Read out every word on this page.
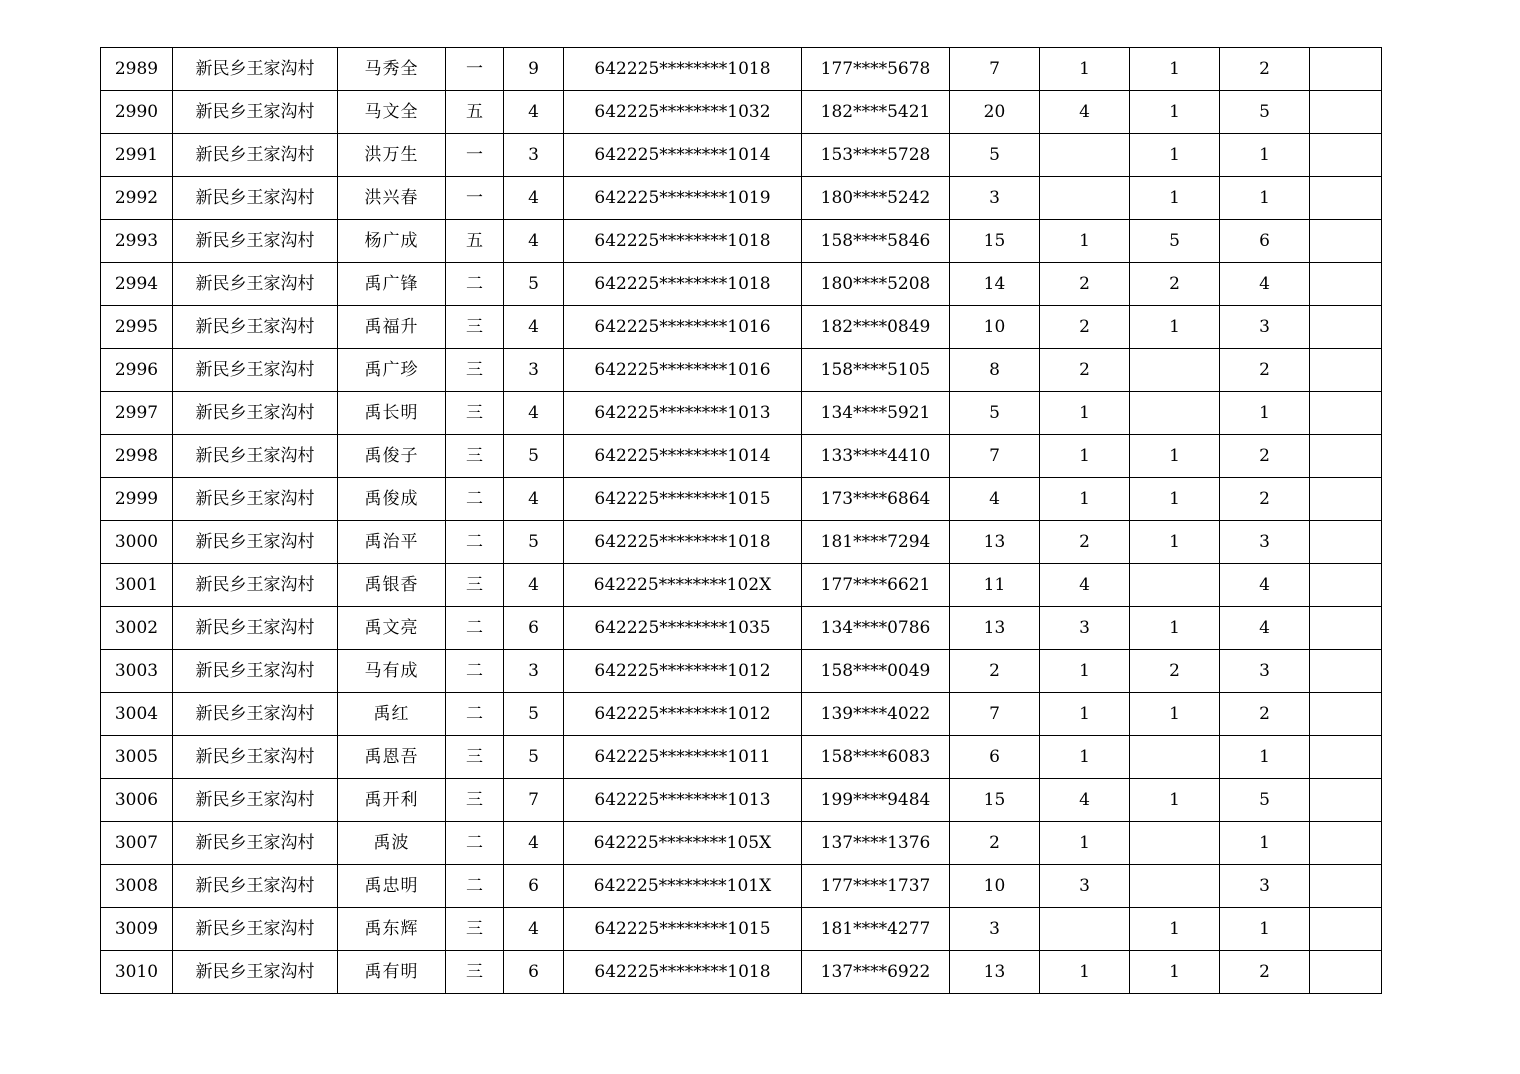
2989	新民乡王家沟村	马秀全	一	9	642225********1018	177****5678	7	1	1	2	
2990	新民乡王家沟村	马文全	五	4	642225********1032	182****5421	20	4	1	5	
2991	新民乡王家沟村	洪万生	一	3	642225********1014	153****5728	5		1	1	
2992	新民乡王家沟村	洪兴春	一	4	642225********1019	180****5242	3		1	1	
2993	新民乡王家沟村	杨广成	五	4	642225********1018	158****5846	15	1	5	6	
2994	新民乡王家沟村	禹广锋	二	5	642225********1018	180****5208	14	2	2	4	
2995	新民乡王家沟村	禹福升	三	4	642225********1016	182****0849	10	2	1	3	
2996	新民乡王家沟村	禹广珍	三	3	642225********1016	158****5105	8	2		2	
2997	新民乡王家沟村	禹长明	三	4	642225********1013	134****5921	5	1		1	
2998	新民乡王家沟村	禹俊子	三	5	642225********1014	133****4410	7	1	1	2	
2999	新民乡王家沟村	禹俊成	二	4	642225********1015	173****6864	4	1	1	2	
3000	新民乡王家沟村	禹治平	二	5	642225********1018	181****7294	13	2	1	3	
3001	新民乡王家沟村	禹银香	三	4	642225********102X	177****6621	11	4		4	
3002	新民乡王家沟村	禹文亮	二	6	642225********1035	134****0786	13	3	1	4	
3003	新民乡王家沟村	马有成	二	3	642225********1012	158****0049	2	1	2	3	
3004	新民乡王家沟村	禹红	二	5	642225********1012	139****4022	7	1	1	2	
3005	新民乡王家沟村	禹恩吾	三	5	642225********1011	158****6083	6	1		1	
3006	新民乡王家沟村	禹开利	三	7	642225********1013	199****9484	15	4	1	5	
3007	新民乡王家沟村	禹波	二	4	642225********105X	137****1376	2	1		1	
3008	新民乡王家沟村	禹忠明	二	6	642225********101X	177****1737	10	3		3	
3009	新民乡王家沟村	禹东辉	三	4	642225********1015	181****4277	3		1	1	
3010	新民乡王家沟村	禹有明	三	6	642225********1018	137****6922	13	1	1	2	
